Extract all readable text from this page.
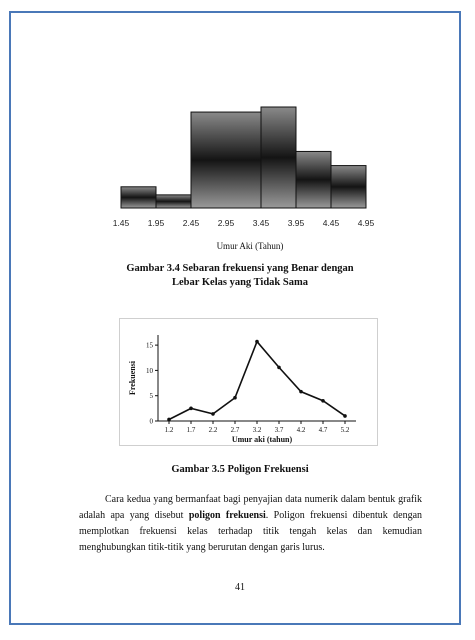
1.45 1.95 2.45 2.95 3.45 3.95 4.45 4.95
Umur Aki (Tahun)
Gambar 3.4 Sebaran frekuensi yang Benar dengan
Lebar Kelas yang Tidak Sama
0
5
10
15
1.2 1.7 2.2 2.7 3.2 3.7 4.2 4.7 5.2
Frekuensi
Umur aki (tahun)
Gambar 3.5 Poligon Frekuensi
Cara kedua yang bermanfaat bagi penyajian data numerik dalam bentuk grafik adalah apa yang disebut poligon frekuensi. Poligon frekuensi dibentuk dengan memplotkan frekuensi kelas terhadap titik tengah kelas dan kemudian menghubungkan titik-titik yang berurutan dengan garis lurus.
41
